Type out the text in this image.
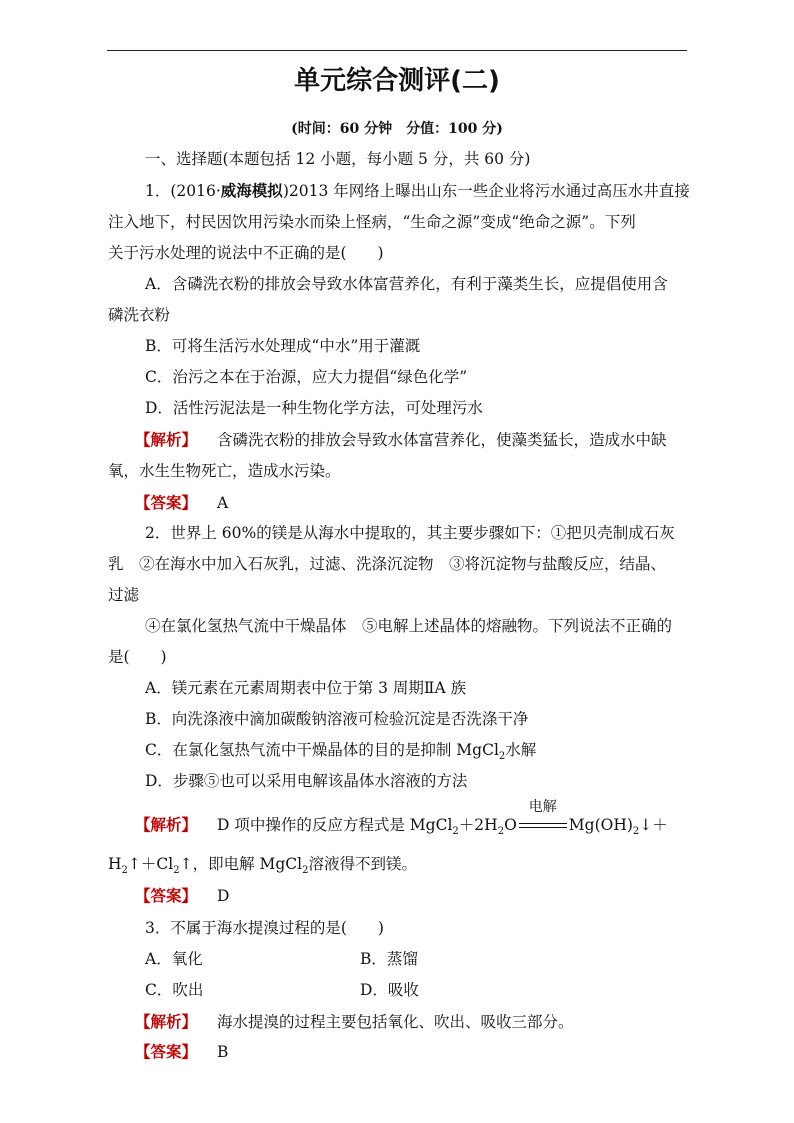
单元综合测评(二)
(时间：60 分钟　分值：100 分)
一、选择题(本题包括 12 小题，每小题 5 分，共 60 分)
1．(2016·威海模拟)2013 年网络上曝出山东一些企业将污水通过高压水井直接
注入地下，村民因饮用污染水而染上怪病，“生命之源”变成“绝命之源”。下列
关于污水处理的说法中不正确的是(　　)
A．含磷洗衣粉的排放会导致水体富营养化，有利于藻类生长，应提倡使用含
磷洗衣粉
B．可将生活污水处理成“中水”用于灌溉
C．治污之本在于治源，应大力提倡“绿色化学”
D．活性污泥法是一种生物化学方法，可处理污水
【解析】 含磷洗衣粉的排放会导致水体富营养化，使藻类猛长，造成水中缺
氧，水生生物死亡，造成水污染。
【答案】 A
2．世界上 60%的镁是从海水中提取的，其主要步骤如下：①把贝壳制成石灰
乳　②在海水中加入石灰乳，过滤、洗涤沉淀物　③将沉淀物与盐酸反应，结晶、
过滤
④在氯化氢热气流中干燥晶体　⑤电解上述晶体的熔融物。下列说法不正确的
是(　　)
A．镁元素在元素周期表中位于第 3 周期ⅡA 族
B．向洗涤液中滴加碳酸钠溶液可检验沉淀是否洗涤干净
C．在氯化氢热气流中干燥晶体的目的是抑制 MgCl$_2$水解
D．步骤⑤也可以采用电解该晶体水溶液的方法
【解析】 D 项中操作的反应方程式是 $MgCl_2+2H_2O$
电解
$Mg(OH)_2↓+$
$H_2↑+Cl_2↑$，即电解 MgCl$_2$溶液得不到镁。
【答案】 D
3．不属于海水提溴过程的是(　　)
A．氧化	B．蒸馏
C．吹出	D．吸收
【解析】 海水提溴的过程主要包括氧化、吹出、吸收三部分。
【答案】 B
